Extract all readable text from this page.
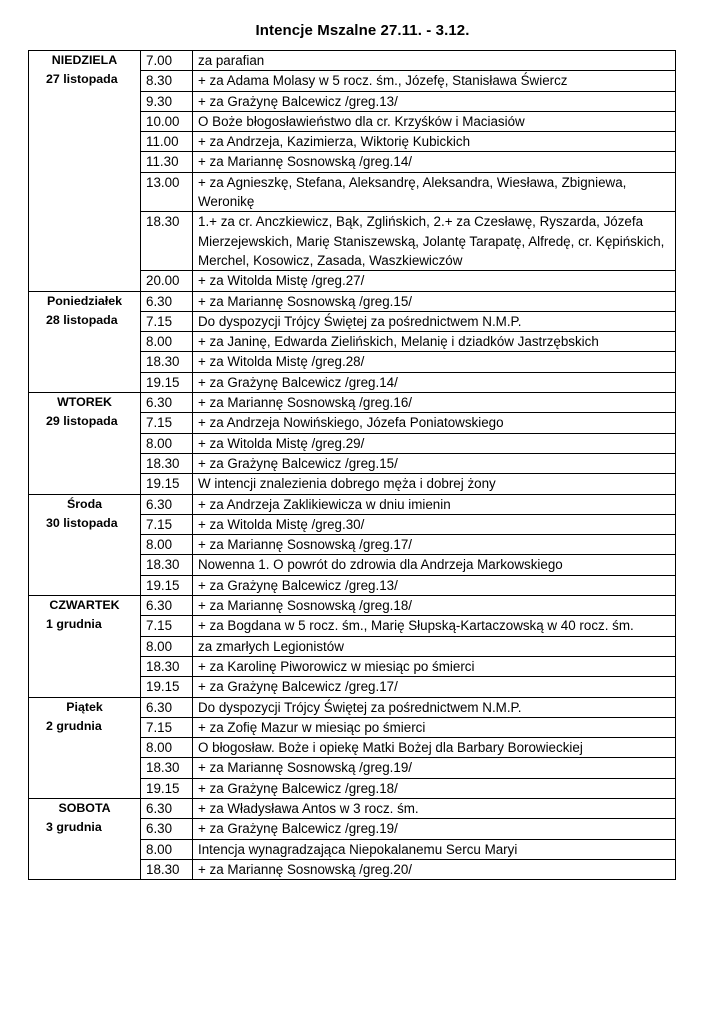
Intencje Mszalne 27.11. - 3.12.
NIEDZIELA
27 listopada	7.00	za parafian
	8.30	+ za Adama Molasy w 5 rocz. śm., Józefę, Stanisława Świercz
	9.30	+ za Grażynę Balcewicz /greg.13/
	10.00	O Boże błogosławieństwo dla cr. Krzyśków i Maciasiów
	11.00	+ za Andrzeja, Kazimierza, Wiktorię Kubickich
	11.30	+ za Mariannę Sosnowską /greg.14/
	13.00	+ za Agnieszkę, Stefana, Aleksandrę, Aleksandra, Wiesława, Zbigniewa, Weronikę
	18.30	1.+ za cr. Anczkiewicz, Bąk, Zglińskich, 2.+ za Czesławę, Ryszarda, Józefa Mierzejewskich, Marię Staniszewską, Jolantę Tarapatę, Alfredę, cr. Kępińskich, Merchel, Kosowicz, Zasada, Waszkiewiczów
	20.00	+ za Witolda Mistę /greg.27/

Poniedziałek
28 listopada	6.30	+ za Mariannę Sosnowską /greg.15/
	7.15	Do dyspozycji Trójcy Świętej za pośrednictwem N.M.P.
	8.00	+ za Janinę, Edwarda Zielińskich, Melanię i dziadków Jastrzębskich
	18.30	+ za Witolda Mistę /greg.28/
	19.15	+ za Grażynę Balcewicz /greg.14/

WTOREK
29 listopada	6.30	+ za Mariannę Sosnowską /greg.16/
	7.15	+ za Andrzeja Nowińskiego, Józefa Poniatowskiego
	8.00	+ za Witolda Mistę /greg.29/
	18.30	+ za Grażynę Balcewicz /greg.15/
	19.15	W intencji znalezienia dobrego męża i dobrej żony

Środa
30 listopada	6.30	+ za Andrzeja Zaklikiewicza w dniu imienin
	7.15	+ za Witolda Mistę /greg.30/
	8.00	+ za Mariannę Sosnowską /greg.17/
	18.30	Nowenna 1. O powrót do zdrowia dla Andrzeja Markowskiego
	19.15	+ za Grażynę Balcewicz /greg.13/

CZWARTEK
1 grudnia	6.30	+ za Mariannę Sosnowską /greg.18/
	7.15	+ za Bogdana w 5 rocz. śm., Marię Słupską-Kartaczowską w 40 rocz. śm.
	8.00	za zmarłych Legionistów
	18.30	+ za Karolinę Piworowicz w miesiąc po śmierci
	19.15	+ za Grażynę Balcewicz /greg.17/

Piątek
2 grudnia	6.30	Do dyspozycji Trójcy Świętej za pośrednictwem N.M.P.
	7.15	+ za Zofię Mazur w miesiąc po śmierci
	8.00	O błogosław. Boże i opiekę Matki Bożej dla Barbary Borowieckiej
	18.30	+ za Mariannę Sosnowską /greg.19/
	19.15	+ za Grażynę Balcewicz /greg.18/

SOBOTA
3 grudnia	6.30	+ za Władysława Antos w 3 rocz. śm.
	6.30	+ za Grażynę Balcewicz /greg.19/
	8.00	Intencja wynagradzająca Niepokalanemu Sercu Maryi
	18.30	+ za Mariannę Sosnowską /greg.20/
